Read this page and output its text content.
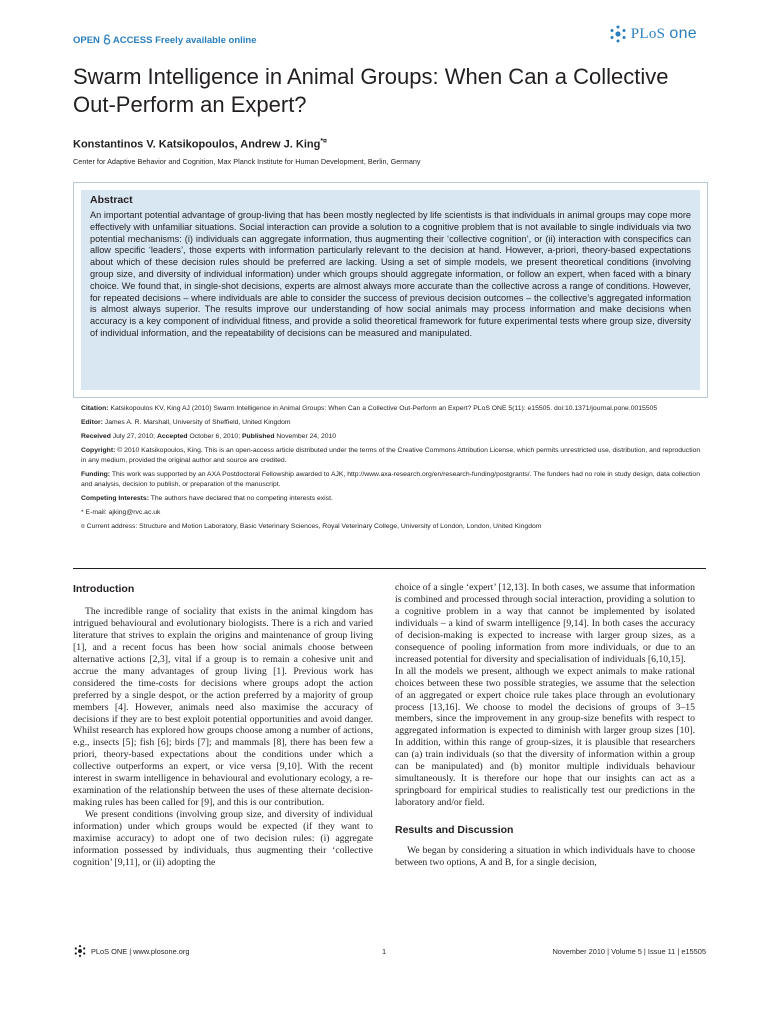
OPEN ACCESS Freely available online	PLoS one
Swarm Intelligence in Animal Groups: When Can a Collective Out-Perform an Expert?
Konstantinos V. Katsikopoulos, Andrew J. King*¤
Center for Adaptive Behavior and Cognition, Max Planck Institute for Human Development, Berlin, Germany
Abstract

An important potential advantage of group-living that has been mostly neglected by life scientists is that individuals in animal groups may cope more effectively with unfamiliar situations. Social interaction can provide a solution to a cognitive problem that is not available to single individuals via two potential mechanisms: (i) individuals can aggregate information, thus augmenting their ‘collective cognition’, or (ii) interaction with conspecifics can allow specific ‘leaders’, those experts with information particularly relevant to the decision at hand. However, a-priori, theory-based expectations about which of these decision rules should be preferred are lacking. Using a set of simple models, we present theoretical conditions (involving group size, and diversity of individual information) under which groups should aggregate information, or follow an expert, when faced with a binary choice. We found that, in single-shot decisions, experts are almost always more accurate than the collective across a range of conditions. However, for repeated decisions – where individuals are able to consider the success of previous decision outcomes – the collective’s aggregated information is almost always superior. The results improve our understanding of how social animals may process information and make decisions when accuracy is a key component of individual fitness, and provide a solid theoretical framework for future experimental tests where group size, diversity of individual information, and the repeatability of decisions can be measured and manipulated.

Citation: Katsikopoulos KV, King AJ (2010) Swarm Intelligence in Animal Groups: When Can a Collective Out-Perform an Expert? PLoS ONE 5(11): e15505. doi:10.1371/journal.pone.0015505

Editor: James A. R. Marshall, University of Sheffield, United Kingdom

Received July 27, 2010; Accepted October 6, 2010; Published November 24, 2010

Copyright: © 2010 Katsikopoulos, King. This is an open-access article distributed under the terms of the Creative Commons Attribution License, which permits unrestricted use, distribution, and reproduction in any medium, provided the original author and source are credited.

Funding: This work was supported by an AXA Postdoctoral Fellowship awarded to AJK, http://www.axa-research.org/en/research-funding/postgrants/. The funders had no role in study design, data collection and analysis, decision to publish, or preparation of the manuscript.

Competing Interests: The authors have declared that no competing interests exist.

* E-mail: ajking@rvc.ac.uk

¤ Current address: Structure and Motion Laboratory, Basic Veterinary Sciences, Royal Veterinary College, University of London, London, United Kingdom

Introduction

The incredible range of sociality that exists in the animal kingdom has intrigued behavioural and evolutionary biologists. There is a rich and varied literature that strives to explain the origins and maintenance of group living [1], and a recent focus has been how social animals choose between alternative actions [2,3], vital if a group is to remain a cohesive unit and accrue the many advantages of group living [1]. Previous work has considered the time-costs for decisions where groups adopt the action preferred by a single despot, or the action preferred by a majority of group members [4]. However, animals need also maximise the accuracy of decisions if they are to best exploit potential opportunities and avoid danger. Whilst research has explored how groups choose among a number of actions, e.g., insects [5]; fish [6]; birds [7]; and mammals [8], there has been few a priori, theory-based expectations about the conditions under which a collective outperforms an expert, or vice versa [9,10]. With the recent interest in swarm intelligence in behavioural and evolutionary ecology, a re-examination of the relationship between the uses of these alternate decision-making rules has been called for [9], and this is our contribution.

We present conditions (involving group size, and diversity of individual information) under which groups would be expected (if they want to maximise accuracy) to adopt one of two decision rules: (i) aggregate information possessed by individuals, thus augmenting their ‘collective cognition’ [9,11], or (ii) adopting the

choice of a single ‘expert’ [12,13]. In both cases, we assume that information is combined and processed through social interaction, providing a solution to a cognitive problem in a way that cannot be implemented by isolated individuals – a kind of swarm intelligence [9,14]. In both cases the accuracy of decision-making is expected to increase with larger group sizes, as a consequence of pooling information from more individuals, or due to an increased potential for diversity and specialisation of individuals [6,10,15].

In all the models we present, although we expect animals to make rational choices between these two possible strategies, we assume that the selection of an aggregated or expert choice rule takes place through an evolutionary process [13,16]. We choose to model the decisions of groups of 3–15 members, since the improvement in any group-size benefits with respect to aggregated information is expected to diminish with larger group sizes [10]. In addition, within this range of group-sizes, it is plausible that researchers can (a) train individuals (so that the diversity of information within a group can be manipulated) and (b) monitor multiple individuals behaviour simultaneously. It is therefore our hope that our insights can act as a springboard for empirical studies to realistically test our predictions in the laboratory and/or field.

Results and Discussion

We began by considering a situation in which individuals have to choose between two options, A and B, for a single decision,

PLoS ONE | www.plosone.org	1	November 2010 | Volume 5 | Issue 11 | e15505
